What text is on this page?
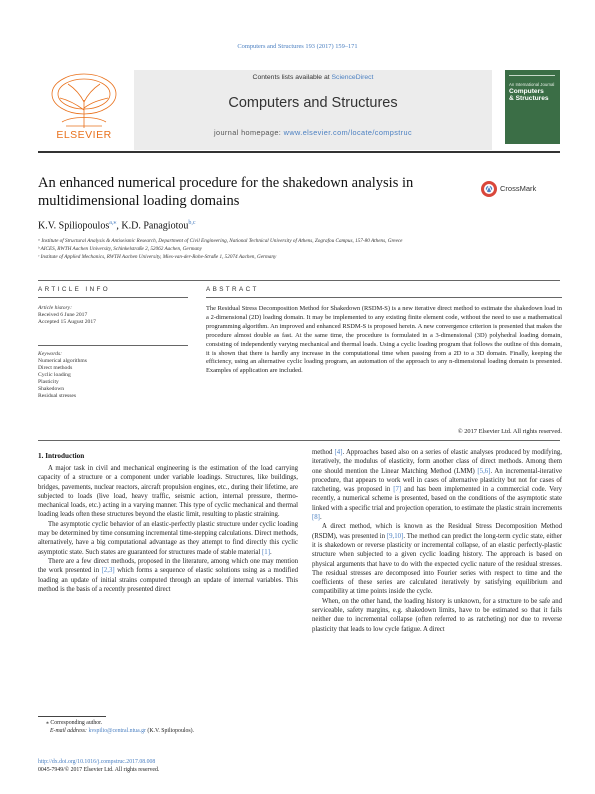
Computers and Structures 193 (2017) 159–171
ELSEVIER
Contents lists available at ScienceDirect
Computers and Structures
journal homepage: www.elsevier.com/locate/compstruc
An International Journal
Computers
& Structures
An enhanced numerical procedure for the shakedown analysis in
multidimensional loading domains
CrossMark
K.V. Spiliopoulos$^{a,⁎}$, K.D. Panagiotou$^{b,c}$
ᵃ Institute of Structural Analysis & Antiseismic Research, Department of Civil Engineering, National Technical University of Athens, Zografou Campus, 157-80 Athens, Greece
ᵇ AICES, RWTH Aachen University, Schinkelstraße 2, 52062 Aachen, Germany
ᶜ Institute of Applied Mechanics, RWTH Aachen University, Mies-van-der-Rohe-Straße 1, 52074 Aachen, Germany
ARTICLE INFO
Article history:
Received 6 June 2017
Accepted 15 August 2017
Keywords:
Numerical algorithms
Direct methods
Cyclic loading
Plasticity
Shakedown
Residual stresses
ABSTRACT
The Residual Stress Decomposition Method for Shakedown (RSDM-S) is a new iterative direct method to estimate the shakedown load in a 2-dimensional (2D) loading domain. It may be implemented to any existing finite element code, without the need to use a mathematical programming algorithm. An improved and enhanced RSDM-S is proposed herein. A new convergence criterion is presented that makes the procedure almost double as fast. At the same time, the procedure is formulated in a 3-dimensional (3D) polyhedral loading domain, consisting of independently varying mechanical and thermal loads. Using a cyclic loading program that follows the outline of this domain, it is shown that there is hardly any increase in the computational time when passing from a 2D to a 3D domain. Finally, keeping the efficiency, using an alternative cyclic loading program, an automation of the approach to any n-dimensional loading domain is presented. Examples of application are included.
© 2017 Elsevier Ltd. All rights reserved.
1. Introduction

A major task in civil and mechanical engineering is the estimation of the load carrying capacity of a structure or a component under variable loadings. Structures, like buildings, bridges, pavements, nuclear reactors, aircraft propulsion engines, etc., during their lifetime, are subjected to loads (live load, heavy traffic, seismic action, internal pressure, thermo-mechanical loads, etc.) acting in a varying manner. This type of cyclic mechanical and thermal loading leads often these structures beyond the elastic limit, resulting to plastic straining.

The asymptotic cyclic behavior of an elastic-perfectly plastic structure under cyclic loading may be determined by time consuming incremental time-stepping calculations. Direct methods, alternatively, have a big computational advantage as they attempt to find directly this cyclic asymptotic state. Such states are guaranteed for structures made of stable material [1].

There are a few direct methods, proposed in the literature, among which one may mention the work presented in [2,3] which forms a sequence of elastic solutions using as a modified loading an update of initial strains computed through an update of internal variables. This method is the basis of a recently presented direct

method [4]. Approaches based also on a series of elastic analyses produced by modifying, iteratively, the modulus of elasticity, form another class of direct methods. Among them one should mention the Linear Matching Method (LMM) [5,6]. An incremental-iterative procedure, that appears to work well in cases of alternative plasticity but not for cases of ratcheting, was proposed in [7] and has been implemented in a commercial code. Very recently, a numerical scheme is presented, based on the conditions of the asymptotic state linked with a specific trial and projection operation, to estimate the plastic strain increments [8].

A direct method, which is known as the Residual Stress Decomposition Method (RSDM), was presented in [9,10]. The method can predict the long-term cyclic state, either it is shakedown or reverse plasticity or incremental collapse, of an elastic perfectly-plastic structure when subjected to a given cyclic loading history. The approach is based on physical arguments that have to do with the expected cyclic nature of the residual stresses. The residual stresses are decomposed into Fourier series with respect to time and the coefficients of these series are calculated iteratively by satisfying equilibrium and compatibility at time points inside the cycle.

When, on the other hand, the loading history is unknown, for a structure to be safe and serviceable, safety margins, e.g. shakedown limits, have to be estimated so that it fails neither due to incremental collapse (often referred to as ratcheting) nor due to reverse plasticity that leads to low cycle fatigue. A direct

⁎ Corresponding author.
E-mail address: kvspilio@central.ntua.gr (K.V. Spiliopoulos).
http://dx.doi.org/10.1016/j.compstruc.2017.08.008
0045-7949/© 2017 Elsevier Ltd. All rights reserved.
